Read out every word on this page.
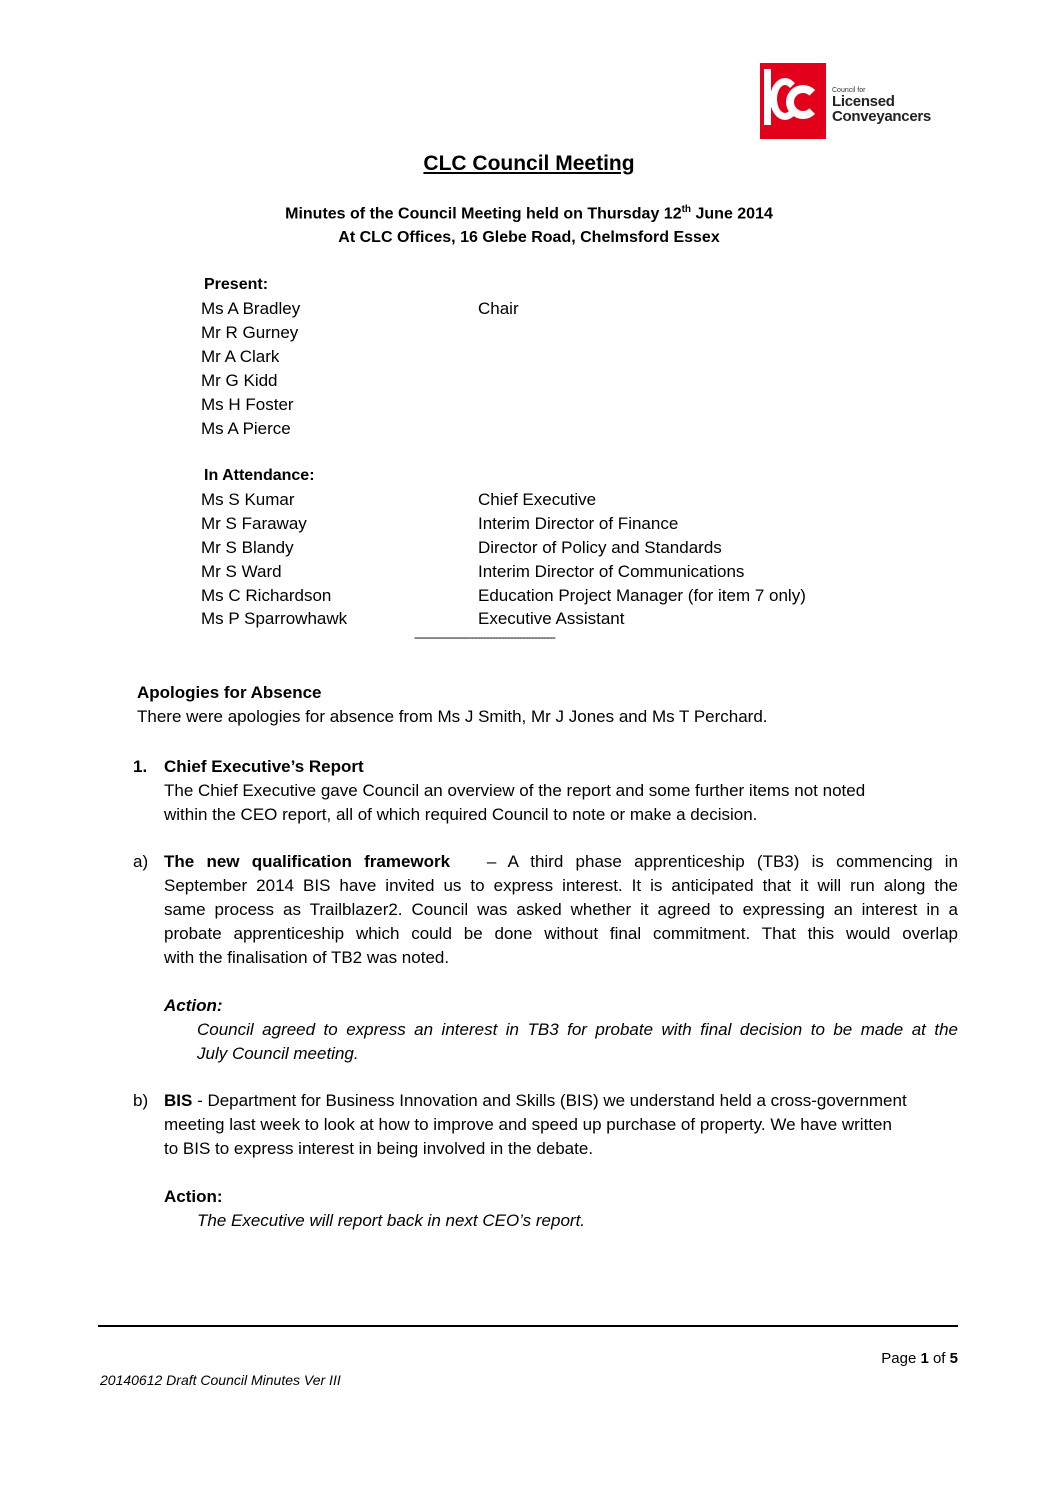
Council for
Licensed
Conveyancers
CLC Council Meeting
Minutes of the Council Meeting held on Thursday 12th June 2014
At CLC Offices, 16 Glebe Road, Chelmsford Essex
Present:
Ms A Bradley	Chair
Mr R Gurney
Mr A Clark
Mr G Kidd
Ms H Foster
Ms A Pierce
In Attendance:
Ms S Kumar	Chief Executive
Mr S Faraway	Interim Director of Finance
Mr S Blandy	Director of Policy and Standards
Mr S Ward	Interim Director of Communications
Ms C Richardson	Education Project Manager (for item 7 only)
Ms P Sparrowhawk	Executive Assistant
-----------------------------------------------
Apologies for Absence
There were apologies for absence from Ms J Smith, Mr J Jones and Ms T Perchard.
1. Chief Executive’s Report
The Chief Executive gave Council an overview of the report and some further items not noted
within the CEO report, all of which required Council to note or make a decision.
a) The new qualification framework – A third phase apprenticeship (TB3) is commencing in
September 2014 BIS have invited us to express interest. It is anticipated that it will run along the
same process as Trailblazer2. Council was asked whether it agreed to expressing an interest in a
probate apprenticeship which could be done without final commitment. That this would overlap
with the finalisation of TB2 was noted.
Action:
Council agreed to express an interest in TB3 for probate with final decision to be made at the
July Council meeting.
b) BIS - Department for Business Innovation and Skills (BIS) we understand held a cross-government
meeting last week to look at how to improve and speed up purchase of property. We have written
to BIS to express interest in being involved in the debate.
Action:
The Executive will report back in next CEO’s report.
Page 1 of 5
20140612 Draft Council Minutes Ver III
